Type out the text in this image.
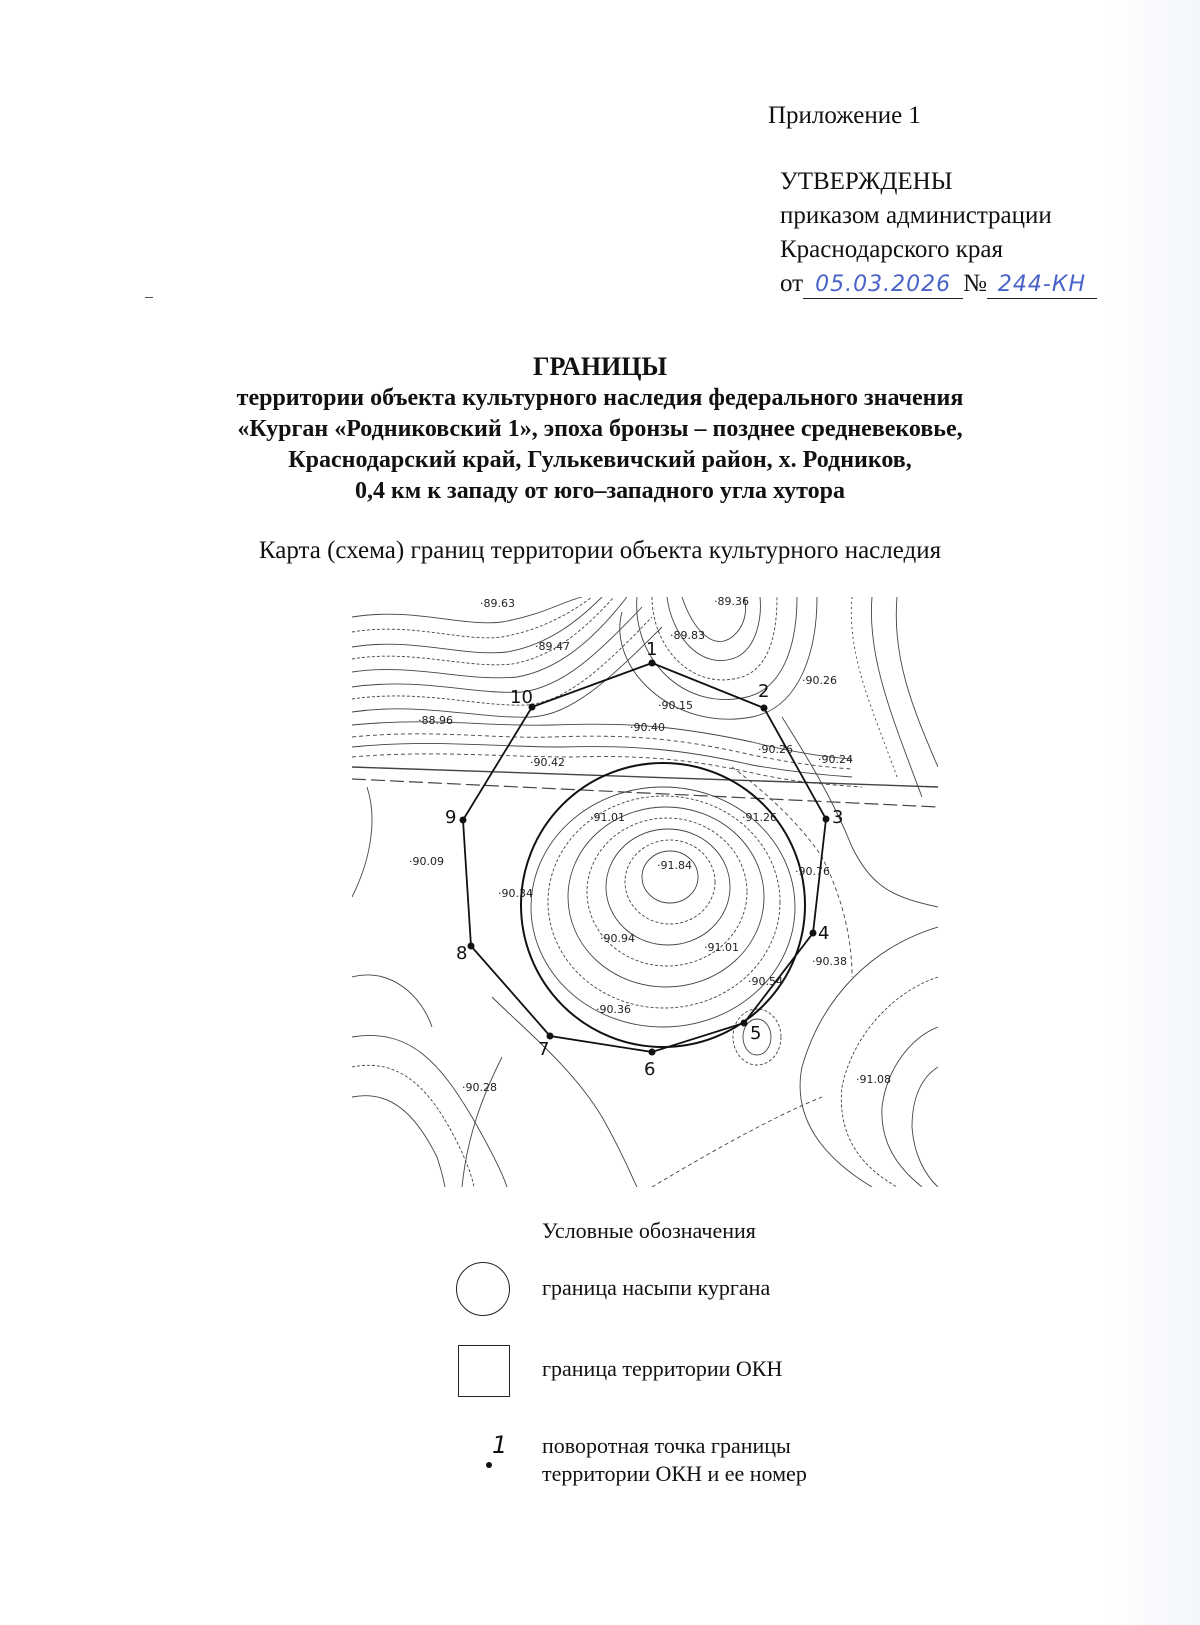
Приложение 1
УТВЕРЖДЕНЫ
приказом администрации
Краснодарского края
от 05.03.2026 № 244-КН
ГРАНИЦЫ
территории объекта культурного наследия федерального значения
«Курган «Родниковский 1», эпоха бронзы – позднее средневековье,
Краснодарский край, Гулькевичский район, х. Родников,
0,4 км к западу от юго–западного угла хутора
Карта (схема) границ территории объекта культурного наследия
·89.63	·89.36
·89.83
·89.47
·90.26
·88.96
·90.15
·90.40
·90.42
·90.26
·90.24
·91.01	·91.26
·91.84
·90.09
·90.34
·90.76
·90.94
·91.01
·90.38
·90.54
·90.36
·90.28
·91.08
1
2
3
4
5
6
7
8
9
10
Условные обозначения
граница насыпи кургана
граница территории ОКН
1 поворотная точка границы
территории ОКН и ее номер
